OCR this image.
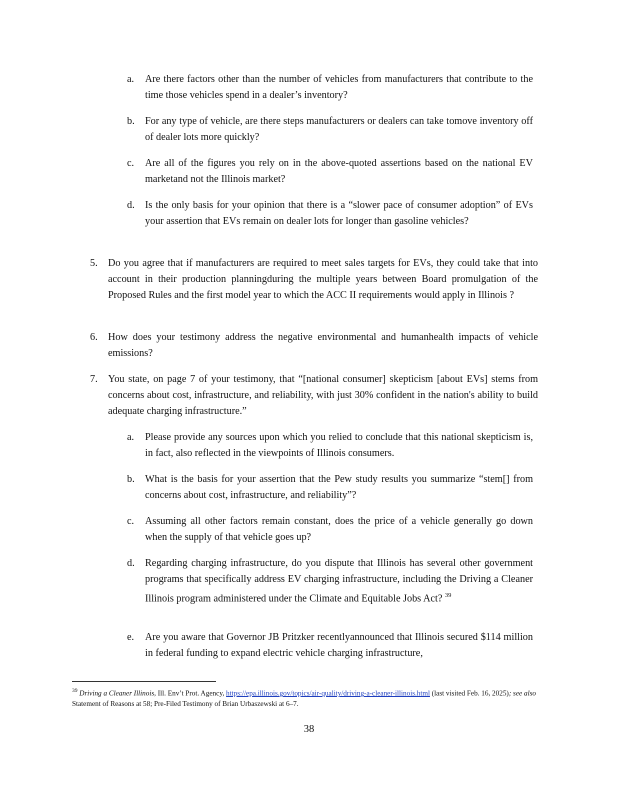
a. Are there factors other than the number of vehicles from manufacturers that contribute to the time those vehicles spend in a dealer’s inventory?
b. For any type of vehicle, are there steps manufacturers or dealers can take tomove inventory off of dealer lots more quickly?
c. Are all of the figures you rely on in the above-quoted assertions based on the national EV marketand not the Illinois market?
d. Is the only basis for your opinion that there is a “slower pace of consumer adoption” of EVs your assertion that EVs remain on dealer lots for longer than gasoline vehicles?
5. Do you agree that if manufacturers are required to meet sales targets for EVs, they could take that into account in their production planningduring the multiple years between Board promulgation of the Proposed Rules and the first model year to which the ACC II requirements would apply in Illinois ?
6. How does your testimony address the negative environmental and humanhealth impacts of vehicle emissions?
7. You state, on page 7 of your testimony, that “[national consumer] skepticism [about EVs] stems from concerns about cost, infrastructure, and reliability, with just 30% confident in the nation's ability to build adequate charging infrastructure.”
a. Please provide any sources upon which you relied to conclude that this national skepticism is, in fact, also reflected in the viewpoints of Illinois consumers.
b. What is the basis for your assertion that the Pew study results you summarize “stem[] from concerns about cost, infrastructure, and reliability”?
c. Assuming all other factors remain constant, does the price of a vehicle generally go down when the supply of that vehicle goes up?
d. Regarding charging infrastructure, do you dispute that Illinois has several other government programs that specifically address EV charging infrastructure, including the Driving a Cleaner Illinois program administered under the Climate and Equitable Jobs Act? $^{39}$
e. Are you aware that Governor JB Pritzker recentlyannounced that Illinois secured $114 million in federal funding to expand electric vehicle charging infrastructure,
$^{39}$ Driving a Cleaner Illinois, Ill. Env’t Prot. Agency, https://epa.illinois.gov/topics/air-quality/driving-a-cleaner-illinois.html (last visited Feb. 16, 2025); see also Statement of Reasons at 58; Pre-Filed Testimony of Brian Urbaszewski at 6–7.
38
